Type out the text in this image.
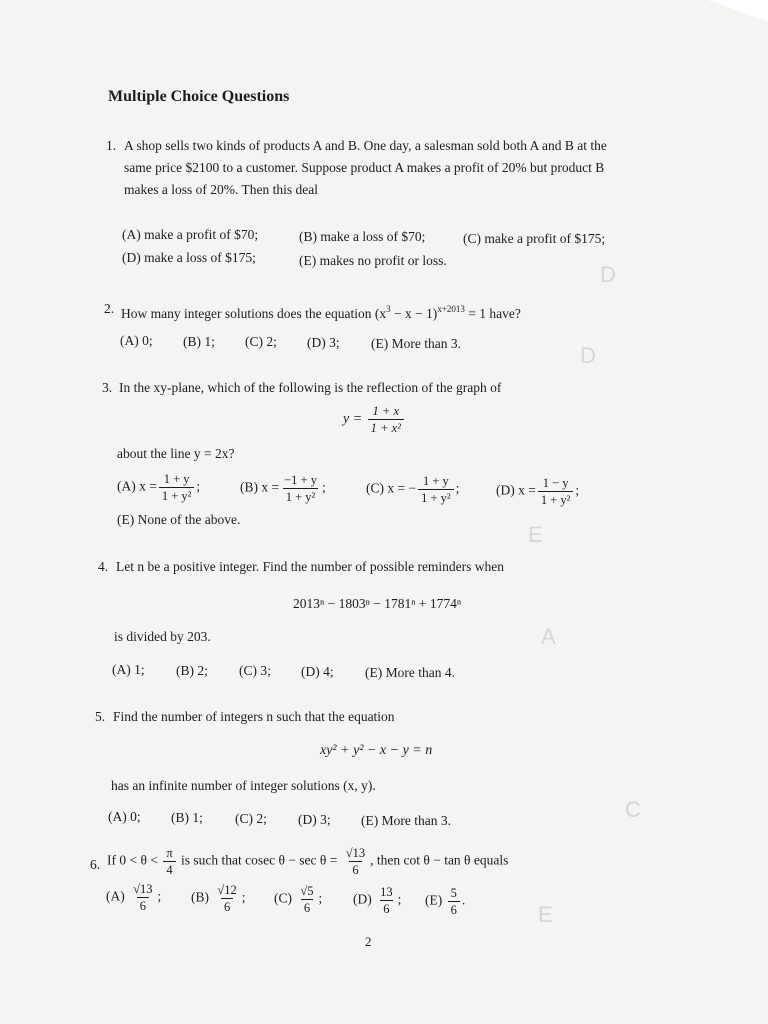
Multiple Choice Questions
1. A shop sells two kinds of products A and B. One day, a salesman sold both A and B at the
same price $2100 to a customer. Suppose product A makes a profit of 20% but product B
makes a loss of 20%. Then this deal
(A) make a profit of $70;	(B) make a loss of $70;	(C) make a profit of $175;
(D) make a loss of $175;	(E) makes no profit or loss.
2. How many integer solutions does the equation $(x^3 - x - 1)^{x+2013} = 1$ have?
(A) 0; (B) 1; (C) 2; (D) 3; (E) More than 3.
3. In the xy-plane, which of the following is the reflection of the graph of
$y = \frac{1 + x}{\text{1 + x²}}$
about the line y = 2x?
(A) $x = \frac{1 + y}{\text{1 + y²}}$ ;	(B) $x = \frac{-1 + y}{\text{1 + y²}}$ ;	(C) x = − $\frac{1 + y}{\text{1 + y²}}$ ;	(D) $x = \frac{1 - y}{\text{1 + y²}}$ ;
(E) None of the above.
4. Let n be a positive integer. Find the number of possible reminders when
2013ⁿ − 1803ⁿ − 1781ⁿ + 1774ⁿ
is divided by 203.
(A) 1; (B) 2; (C) 3; (D) 4; (E) More than 4.
5. Find the number of integers n such that the equation
xy² + y² − x − y = n
has an infinite number of integer solutions (x, y).
(A) 0; (B) 1; (C) 2; (D) 3; (E) More than 3.
6. If $0 < \theta < \frac{\pi}{4}$ is such that cosec $\theta - \sec \theta = \frac{√13}{6}$ , then cot θ − tan θ equals
$(A) \frac{√13}{6}$ ; $(B) \frac{√12}{6}$ ; $(C) \frac{√5}{6}$ ; $(D) \frac{13}{6}$ ; $(E) \frac{5}{6}$ .
2
D
D
E
A
C
E
